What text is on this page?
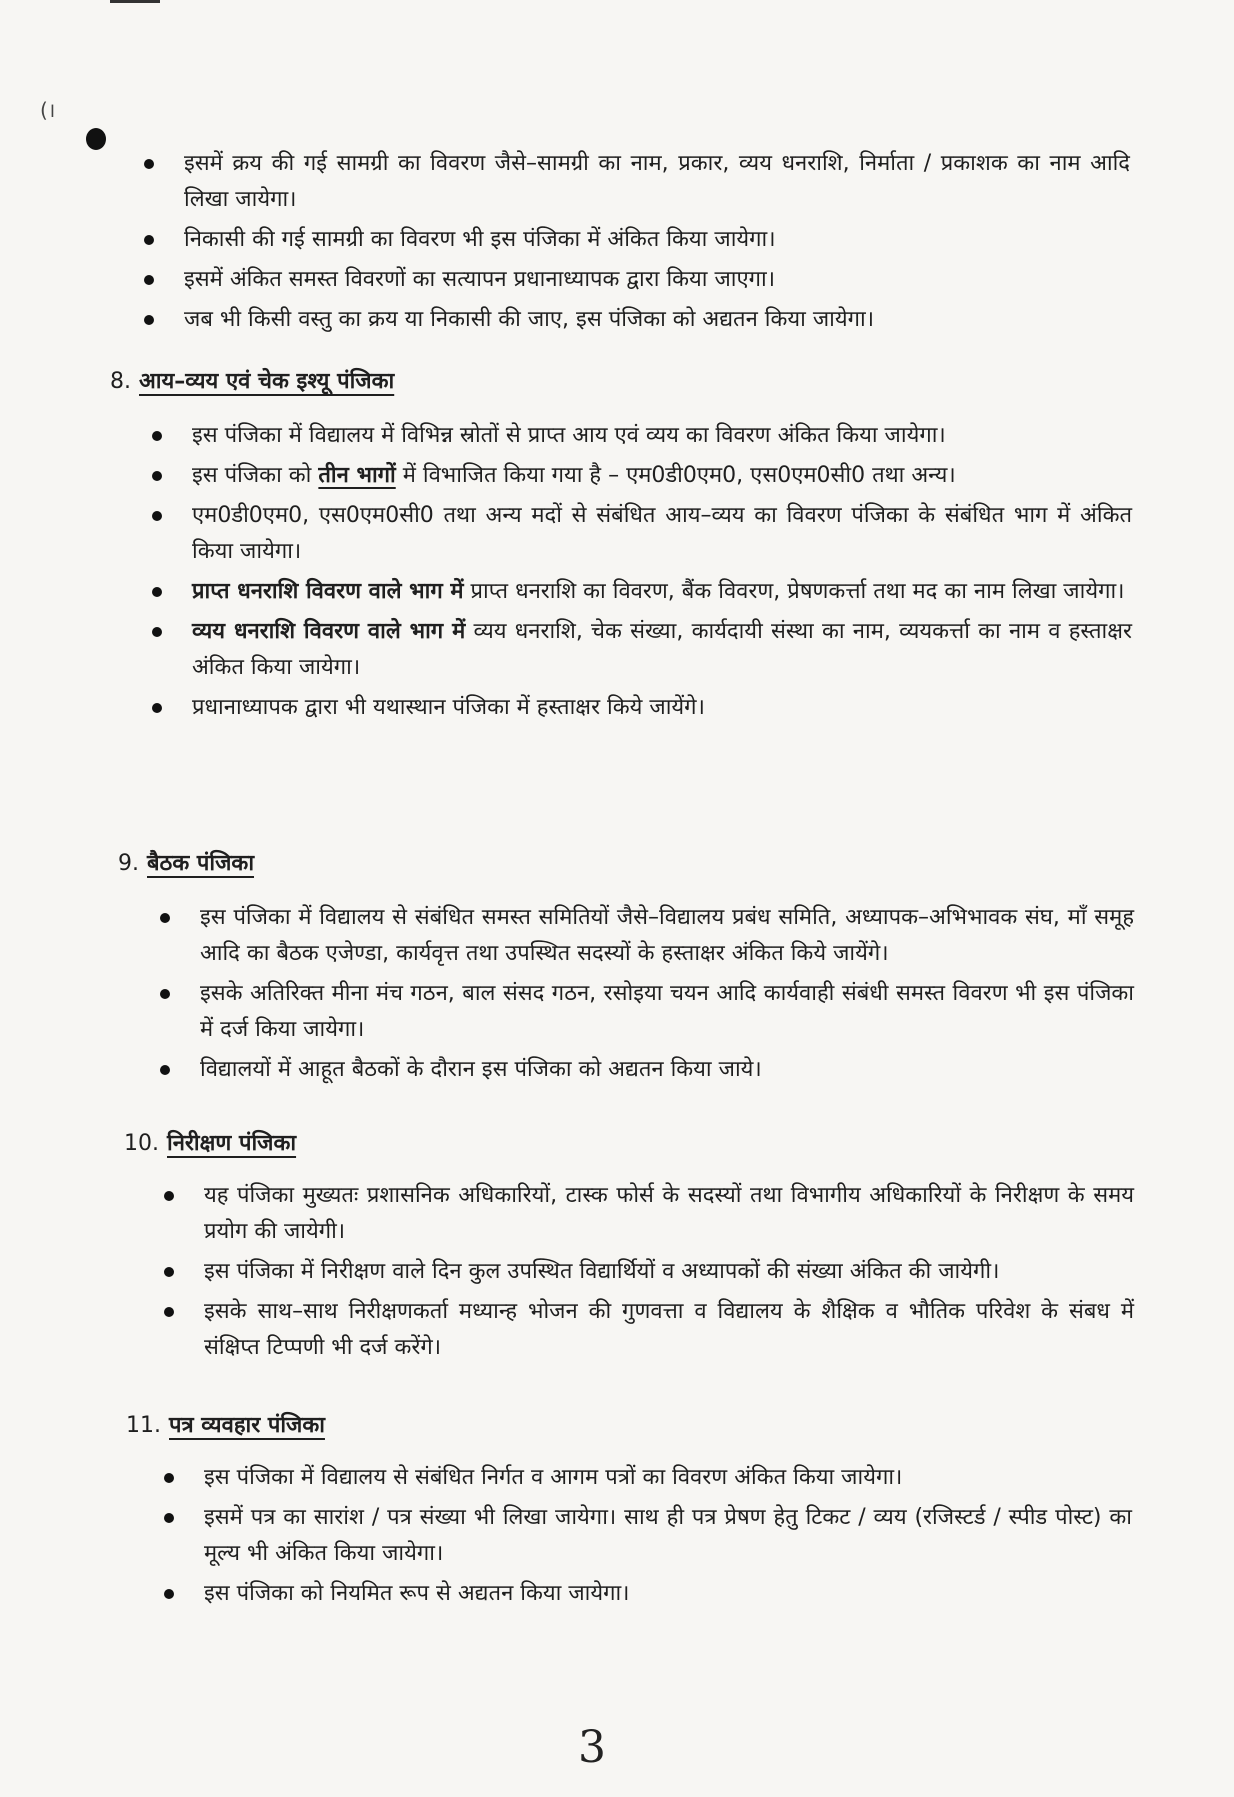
(।
इसमें क्रय की गई सामग्री का विवरण जैसे–सामग्री का नाम, प्रकार, व्यय धनराशि, निर्माता / प्रकाशक का नाम आदि लिखा जायेगा।
निकासी की गई सामग्री का विवरण भी इस पंजिका में अंकित किया जायेगा।
इसमें अंकित समस्त विवरणों का सत्यापन प्रधानाध्यापक द्वारा किया जाएगा।
जब भी किसी वस्तु का क्रय या निकासी की जाए, इस पंजिका को अद्यतन किया जायेगा।
8. आय–व्यय एवं चेक इश्यू पंजिका
इस पंजिका में विद्यालय में विभिन्न स्रोतों से प्राप्त आय एवं व्यय का विवरण अंकित किया जायेगा।
इस पंजिका को तीन भागों में विभाजित किया गया है – एम0डी0एम0, एस0एम0सी0 तथा अन्य।
एम0डी0एम0, एस0एम0सी0 तथा अन्य मदों से संबंधित आय–व्यय का विवरण पंजिका के संबंधित भाग में अंकित किया जायेगा।
प्राप्त धनराशि विवरण वाले भाग में प्राप्त धनराशि का विवरण, बैंक विवरण, प्रेषणकर्त्ता तथा मद का नाम लिखा जायेगा।
व्यय धनराशि विवरण वाले भाग में व्यय धनराशि, चेक संख्या, कार्यदायी संस्था का नाम, व्ययकर्त्ता का नाम व हस्ताक्षर अंकित किया जायेगा।
प्रधानाध्यापक द्वारा भी यथास्थान पंजिका में हस्ताक्षर किये जायेंगे।
9. बैठक पंजिका
इस पंजिका में विद्यालय से संबंधित समस्त समितियों जैसे–विद्यालय प्रबंध समिति, अध्यापक–अभिभावक संघ, माँ समूह आदि का बैठक एजेण्डा, कार्यवृत्त तथा उपस्थित सदस्यों के हस्ताक्षर अंकित किये जायेंगे।
इसके अतिरिक्त मीना मंच गठन, बाल संसद गठन, रसोइया चयन आदि कार्यवाही संबंधी समस्त विवरण भी इस पंजिका में दर्ज किया जायेगा।
विद्यालयों में आहूत बैठकों के दौरान इस पंजिका को अद्यतन किया जाये।
10. निरीक्षण पंजिका
यह पंजिका मुख्यतः प्रशासनिक अधिकारियों, टास्क फोर्स के सदस्यों तथा विभागीय अधिकारियों के निरीक्षण के समय प्रयोग की जायेगी।
इस पंजिका में निरीक्षण वाले दिन कुल उपस्थित विद्यार्थियों व अध्यापकों की संख्या अंकित की जायेगी।
इसके साथ–साथ निरीक्षणकर्ता मध्यान्ह भोजन की गुणवत्ता व विद्यालय के शैक्षिक व भौतिक परिवेश के संबध में संक्षिप्त टिप्पणी भी दर्ज करेंगे।
11. पत्र व्यवहार पंजिका
इस पंजिका में विद्यालय से संबंधित निर्गत व आगम पत्रों का विवरण अंकित किया जायेगा।
इसमें पत्र का सारांश / पत्र संख्या भी लिखा जायेगा। साथ ही पत्र प्रेषण हेतु टिकट / व्यय (रजिस्टर्ड / स्पीड पोस्ट) का मूल्य भी अंकित किया जायेगा।
इस पंजिका को नियमित रूप से अद्यतन किया जायेगा।
3
